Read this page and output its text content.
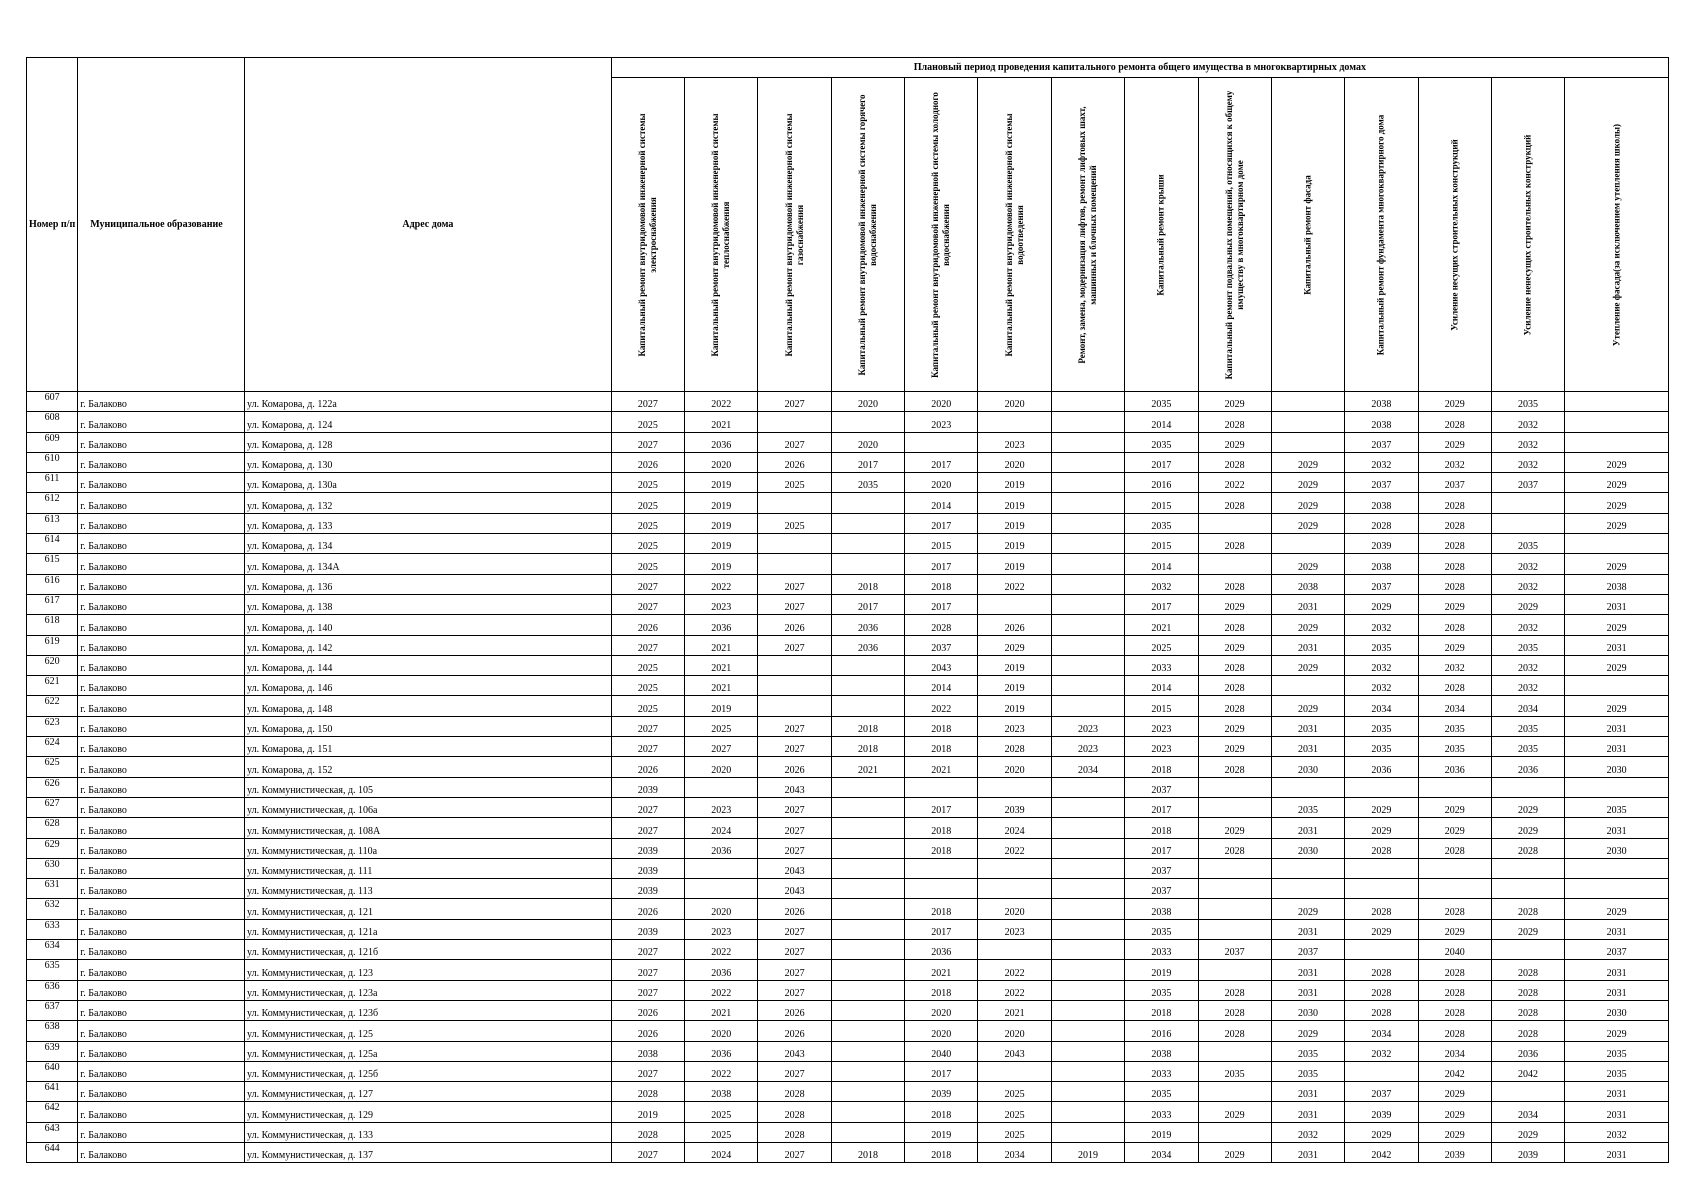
Номер п/п	Муниципальное образование	Адрес дома	Плановый период проведения капитального ремонта общего имущества в многоквартирных домах													

			Капитальный ремонт внутридомовой инженерной системы электроснабжения	Капитальный ремонт внутридомовой инженерной системы теплоснабжения	Капитальный ремонт внутридомовой инженерной системы газоснабжения	Капитальный ремонт внутридомовой инженерной системы горячего водоснабжения	Капитальный ремонт внутридомовой инженерной системы холодного водоснабжения	Капитальный ремонт внутридомовой инженерной системы водоотведения	Ремонт, замена, модернизация лифтов, ремонт лифтовых шахт, машинных и блочных помещений	Капитальный ремонт крыши	Капитальный ремонт подвальных помещений, относящихся к общему имуществу в многоквартирном доме	Капитальный ремонт фасада	Капитальный ремонт фундамента многоквартирного дома	Усиление несущих строительных конструкций	Усиление ненесущих строительных конструкций	Утепление фасада(за исключением утепления школы)

607	г. Балаково	ул. Комарова, д. 122а	2027	2022	2027	2020	2020	2020		2035	2029		2038	2029	2035	
608	г. Балаково	ул. Комарова, д. 124	2025	2021			2023			2014	2028		2038	2028	2032	
609	г. Балаково	ул. Комарова, д. 128	2027	2036	2027	2020		2023		2035	2029		2037	2029	2032	
610	г. Балаково	ул. Комарова, д. 130	2026	2020	2026	2017	2017	2020		2017	2028	2029	2032	2032	2032	2029
611	г. Балаково	ул. Комарова, д. 130а	2025	2019	2025	2035	2020	2019		2016	2022	2029	2037	2037	2037	2029
612	г. Балаково	ул. Комарова, д. 132	2025	2019			2014	2019		2015	2028	2029	2038	2028		2029
613	г. Балаково	ул. Комарова, д. 133	2025	2019	2025		2017	2019		2035		2029	2028	2028		2029
614	г. Балаково	ул. Комарова, д. 134	2025	2019			2015	2019		2015	2028		2039	2028	2035	
615	г. Балаково	ул. Комарова, д. 134А	2025	2019			2017	2019		2014		2029	2038	2028	2032	2029
616	г. Балаково	ул. Комарова, д. 136	2027	2022	2027	2018	2018	2022		2032	2028	2038	2037	2028	2032	2038
617	г. Балаково	ул. Комарова, д. 138	2027	2023	2027	2017	2017			2017	2029	2031	2029	2029	2029	2031
618	г. Балаково	ул. Комарова, д. 140	2026	2036	2026	2036	2028	2026		2021	2028	2029	2032	2028	2032	2029
619	г. Балаково	ул. Комарова, д. 142	2027	2021	2027	2036	2037	2029		2025	2029	2031	2035	2029	2035	2031
620	г. Балаково	ул. Комарова, д. 144	2025	2021			2043	2019		2033	2028	2029	2032	2032	2032	2029
621	г. Балаково	ул. Комарова, д. 146	2025	2021			2014	2019		2014	2028		2032	2028	2032	
622	г. Балаково	ул. Комарова, д. 148	2025	2019			2022	2019		2015	2028	2029	2034	2034	2034	2029
623	г. Балаково	ул. Комарова, д. 150	2027	2025	2027	2018	2018	2023	2023	2023	2029	2031	2035	2035	2035	2031
624	г. Балаково	ул. Комарова, д. 151	2027	2027	2027	2018	2018	2028	2023	2023	2029	2031	2035	2035	2035	2031
625	г. Балаково	ул. Комарова, д. 152	2026	2020	2026	2021	2021	2020	2034	2018	2028	2030	2036	2036	2036	2030
626	г. Балаково	ул. Коммунистическая, д. 105	2039		2043					2037						
627	г. Балаково	ул. Коммунистическая, д. 106а	2027	2023	2027		2017	2039		2017		2035	2029	2029	2029	2035
628	г. Балаково	ул. Коммунистическая, д. 108А	2027	2024	2027		2018	2024		2018	2029	2031	2029	2029	2029	2031
629	г. Балаково	ул. Коммунистическая, д. 110а	2039	2036	2027		2018	2022		2017	2028	2030	2028	2028	2028	2030
630	г. Балаково	ул. Коммунистическая, д. 111	2039		2043					2037						
631	г. Балаково	ул. Коммунистическая, д. 113	2039		2043					2037						
632	г. Балаково	ул. Коммунистическая, д. 121	2026	2020	2026		2018	2020		2038		2029	2028	2028	2028	2029
633	г. Балаково	ул. Коммунистическая, д. 121а	2039	2023	2027		2017	2023		2035		2031	2029	2029	2029	2031
634	г. Балаково	ул. Коммунистическая, д. 121б	2027	2022	2027		2036			2033	2037	2037		2040		2037
635	г. Балаково	ул. Коммунистическая, д. 123	2027	2036	2027		2021	2022		2019		2031	2028	2028	2028	2031
636	г. Балаково	ул. Коммунистическая, д. 123а	2027	2022	2027		2018	2022		2035	2028	2031	2028	2028	2028	2031
637	г. Балаково	ул. Коммунистическая, д. 123б	2026	2021	2026		2020	2021		2018	2028	2030	2028	2028	2028	2030
638	г. Балаково	ул. Коммунистическая, д. 125	2026	2020	2026		2020	2020		2016	2028	2029	2034	2028	2028	2029
639	г. Балаково	ул. Коммунистическая, д. 125а	2038	2036	2043		2040	2043		2038		2035	2032	2034	2036	2035
640	г. Балаково	ул. Коммунистическая, д. 125б	2027	2022	2027		2017			2033	2035	2035		2042	2042	2035
641	г. Балаково	ул. Коммунистическая, д. 127	2028	2038	2028		2039	2025		2035		2031	2037	2029		2031
642	г. Балаково	ул. Коммунистическая, д. 129	2019	2025	2028		2018	2025		2033	2029	2031	2039	2029	2034	2031
643	г. Балаково	ул. Коммунистическая, д. 133	2028	2025	2028		2019	2025		2019		2032	2029	2029	2029	2032
644	г. Балаково	ул. Коммунистическая, д. 137	2027	2024	2027	2018	2018	2034	2019	2034	2029	2031	2042	2039	2039	2031
